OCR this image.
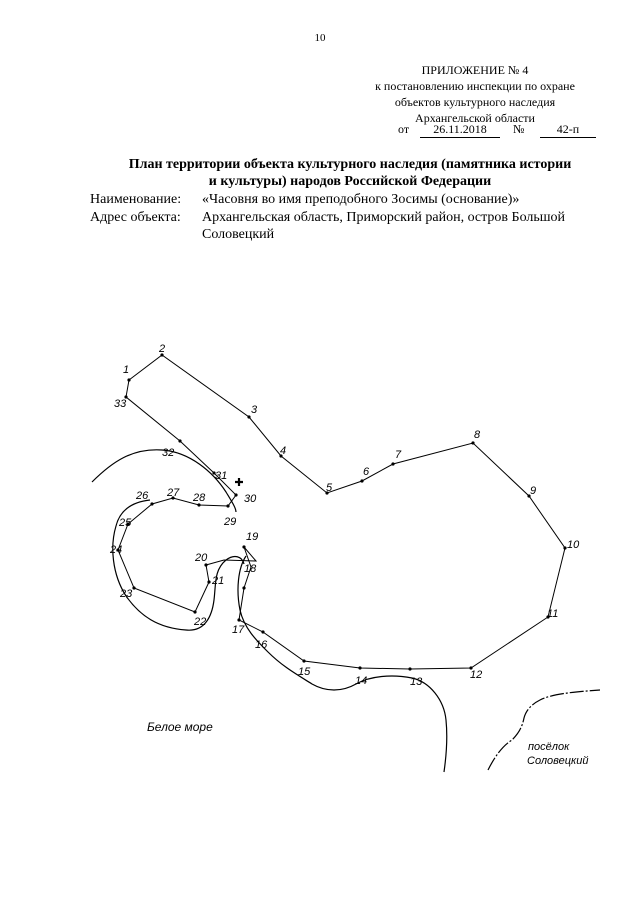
10
ПРИЛОЖЕНИЕ № 4
к постановлению инспекции по охране
объектов культурного наследия
Архангельской области
от	26.11.2018	№	42-п
План территории объекта культурного наследия (памятника истории
и культуры) народов Российской Федерации
Наименование: «Часовня во имя преподобного Зосимы (основание)»
Адрес объекта: Архангельская область, Приморский район, остров Большой
Соловецкий
1
2
3
4
5
6
7
8
9
10
11
12
13
14
15
16
17
18
19
20
21
22
23
24
25
26 27 28
29
30
31
32
33
Белое море
посёлок
Соловецкий
